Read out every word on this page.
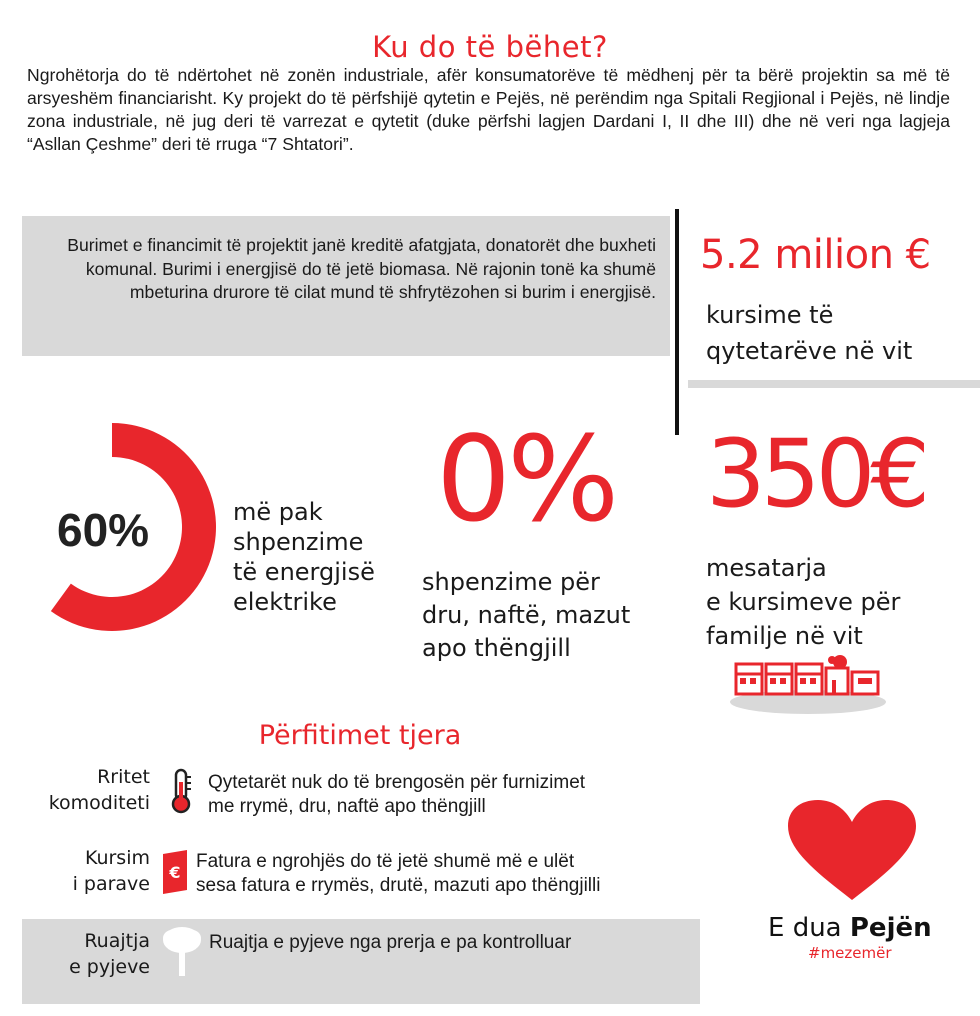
Ku do të bëhet?
Ngrohëtorja do të ndërtohet në zonën industriale, afër konsumatorëve të mëdhenj për ta bërë projektin sa më të arsyeshëm financiarisht. Ky projekt do të përfshijë qytetin e Pejës, në perëndim nga Spitali Regjional i Pejës, në lindje zona industriale, në jug deri të varrezat e qytetit (duke përfshi lagjen Dardani I, II dhe III) dhe në veri nga lagjeja “Asllan Çeshme” deri të rruga “7 Shtatori”.
Burimet e financimit të projektit janë kreditë afatgjata, donatorët dhe buxheti komunal. Burimi i energjisë do të jetë biomasa. Në rajonin tonë ka shumë mbeturina drurore të cilat mund të shfrytëzohen si burim i energjisë.
5.2 milion €
kursime të
qytetarëve në vit
60%	më pak
shpenzime
të energjisë
elektrike
0%
shpenzime për
dru, naftë, mazut
apo thëngjill
350€
mesatarja
e kursimeve për
familje në vit
Përfitimet tjera
Rritet
komoditeti
Qytetarët nuk do të brengosën për furnizimet
me rrymë, dru, naftë apo thëngjill
Kursim
i parave
€
Fatura e ngrohjës do të jetë shumë më e ulët
sesa fatura e rrymës, drutë, mazuti apo thëngjilli
Ruajtja
e pyjeve
Ruajtja e pyjeve nga prerja e pa kontrolluar	E dua Pejën
#mezemër
